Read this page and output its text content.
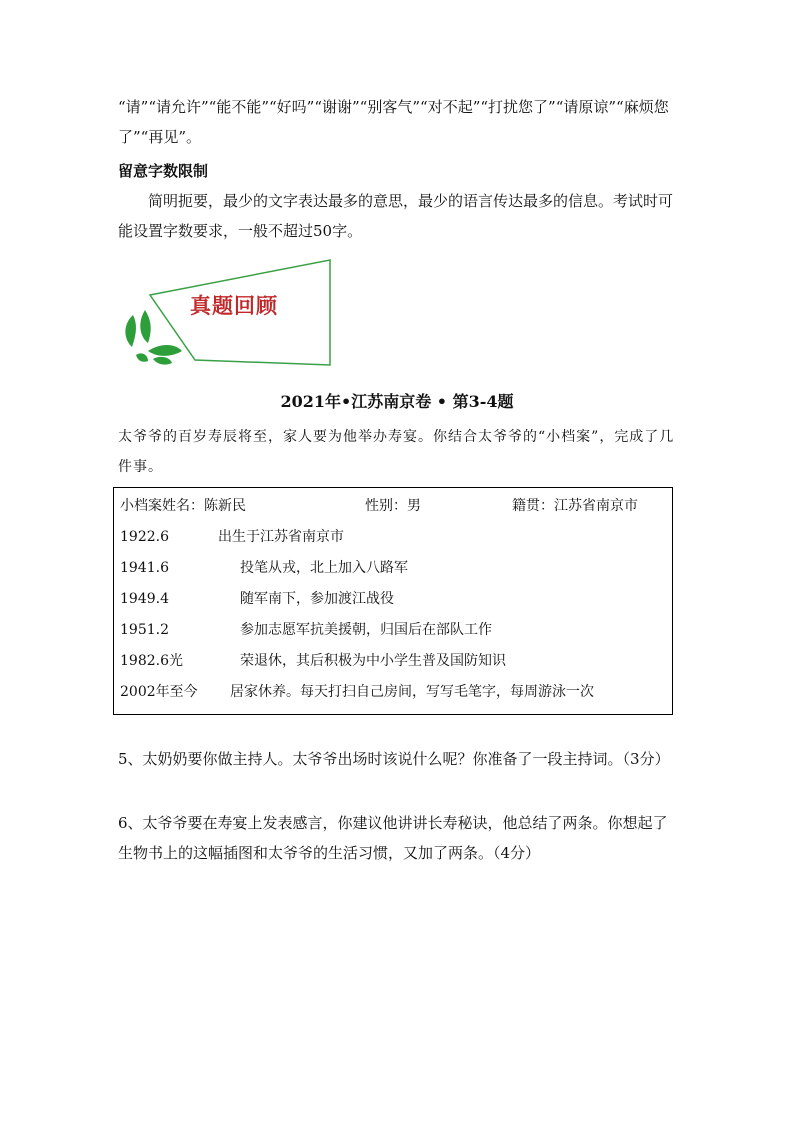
“请”“请允许”“能不能”“好吗”“谢谢”“别客气”“对不起”“打扰您了”“请原谅”“麻烦您了”“再见”。
留意字数限制
简明扼要，最少的文字表达最多的意思，最少的语言传达最多的信息。考试时可能设置字数要求，一般不超过50字。
真题回顾
2021年•江苏南京卷 • 第3-4题
太爷爷的百岁寿辰将至，家人要为他举办寿宴。你结合太爷爷的“小档案”，完成了几件事。
小档案姓名：陈新民	性别：男	籍贯：江苏省南京市
1922.6	出生于江苏省南京市
1941.6	投笔从戎，北上加入八路军
1949.4	随军南下，参加渡江战役
1951.2	参加志愿军抗美援朝，归国后在部队工作
1982.6光	荣退休，其后积极为中小学生普及国防知识
2002年至今 居家休养。每天打扫自己房间，写写毛笔字，每周游泳一次
5、太奶奶要你做主持人。太爷爷出场时该说什么呢？你准备了一段主持词。（3分）
6、太爷爷要在寿宴上发表感言，你建议他讲讲长寿秘诀，他总结了两条。你想起了生物书上的这幅插图和太爷爷的生活习惯，又加了两条。（4分）
